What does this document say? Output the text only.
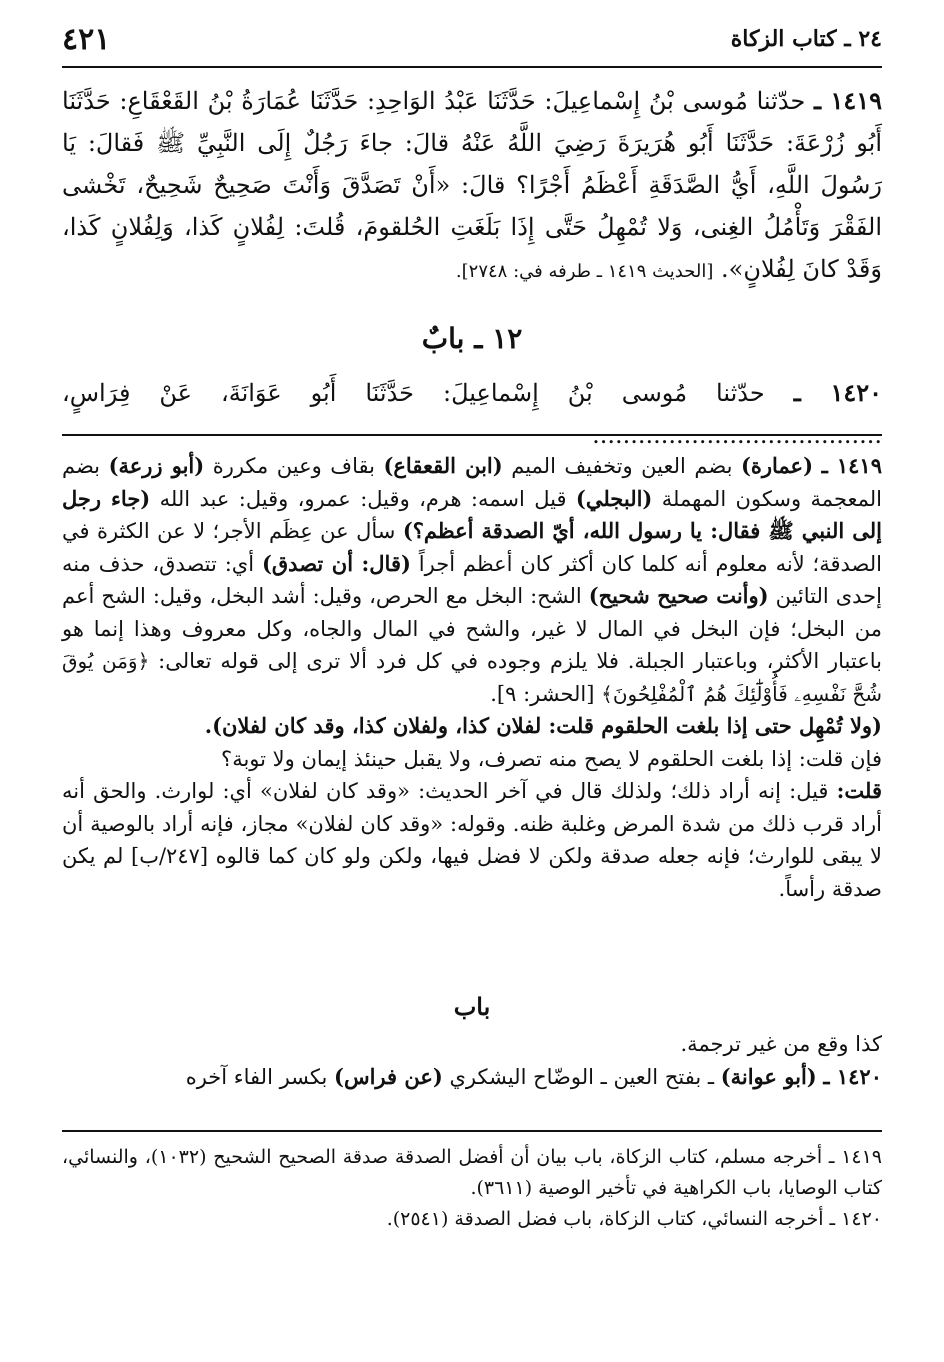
٢٤ ـ كتاب الزكاة
٤٢١

١٤١٩ ـ حدّثنا مُوسى بْنُ إِسْماعِيلَ: حَدَّثَنَا عَبْدُ الوَاحِدِ: حَدَّثَنَا عُمَارَةُ بْنُ القَعْقَاعِ: حَدَّثَنَا أَبُو زُرْعَةَ: حَدَّثَنَا أَبُو هُرَيرَةَ رَضِيَ اللَّهُ عَنْهُ قالَ: جاءَ رَجُلٌ إِلَى النَّبِيِّ ﷺ فَقالَ: يَا رَسُولَ اللَّهِ، أَيُّ الصَّدَقَةِ أَعْظَمُ أَجْرًا؟ قالَ: «أَنْ تَصَدَّقَ وَأَنْتَ صَحِيحٌ شَحِيحٌ، تَخْشى الفَقْرَ وَتَأْمُلُ الغِنى، وَلا تُمْهِلُ حَتَّى إِذَا بَلَغَتِ الحُلقومَ، قُلتَ: لِفُلانٍ كَذا، وَلِفُلانٍ كَذا، وَقَدْ كانَ لِفُلانٍ». [الحديث ١٤١٩ ـ طرفه في: ٢٧٤٨].

١٢ ـ بابٌ

١٤٢٠ ـ حدّثنا مُوسى بْنُ إِسْماعِيلَ: حَدَّثَنَا أَبُو عَوَانَةَ، عَنْ فِرَاسٍ، ......................................

١٤١٩ ـ (عمارة) بضم العين وتخفيف الميم (ابن القعقاع) بقاف وعين مكررة (أبو زرعة) بضم المعجمة وسكون المهملة (البجلي) قيل اسمه: هرم، وقيل: عمرو، وقيل: عبد الله (جاء رجل إلى النبي ﷺ فقال: يا رسول الله، أيّ الصدقة أعظم؟) سأل عن عِظَم الأجر؛ لا عن الكثرة في الصدقة؛ لأنه معلوم أنه كلما كان أكثر كان أعظم أجراً (قال: أن تصدق) أي: تتصدق، حذف منه إحدى التائين (وأنت صحيح شحيح) الشح: البخل مع الحرص، وقيل: أشد البخل، وقيل: الشح أعم من البخل؛ فإن البخل في المال لا غير، والشح في المال والجاه، وكل معروف وهذا إنما هو باعتبار الأكثر، وباعتبار الجبلة. فلا يلزم وجوده في كل فرد ألا ترى إلى قوله تعالى: ﴿وَمَن يُوقَ شُحَّ نَفْسِهِۦ فَأُوْلَٰٓئِكَ هُمُ ٱلْمُفْلِحُونَ﴾ [الحشر: ٩].

(ولا تُمْهِل حتى إذا بلغت الحلقوم قلت: لفلان كذا، ولفلان كذا، وقد كان لفلان).

فإن قلت: إذا بلغت الحلقوم لا يصح منه تصرف، ولا يقبل حينئذ إيمان ولا توبة؟

قلت: قيل: إنه أراد ذلك؛ ولذلك قال في آخر الحديث: «وقد كان لفلان» أي: لوارث. والحق أنه أراد قرب ذلك من شدة المرض وغلبة ظنه. وقوله: «وقد كان لفلان» مجاز، فإنه أراد بالوصية أن لا يبقى للوارث؛ فإنه جعله صدقة ولكن لا فضل فيها، ولكن ولو كان كما قالوه [٢٤٧/ب] لم يكن صدقة رأساً.

باب

كذا وقع من غير ترجمة.

١٤٢٠ ـ (أبو عوانة) ـ بفتح العين ـ الوضّاح اليشكري (عن فراس) بكسر الفاء آخره

١٤١٩ ـ أخرجه مسلم، كتاب الزكاة، باب بيان أن أفضل الصدقة صدقة الصحيح الشحيح (١٠٣٢)، والنسائي، كتاب الوصايا، باب الكراهية في تأخير الوصية (٣٦١١).

١٤٢٠ ـ أخرجه النسائي، كتاب الزكاة، باب فضل الصدقة (٢٥٤١).
